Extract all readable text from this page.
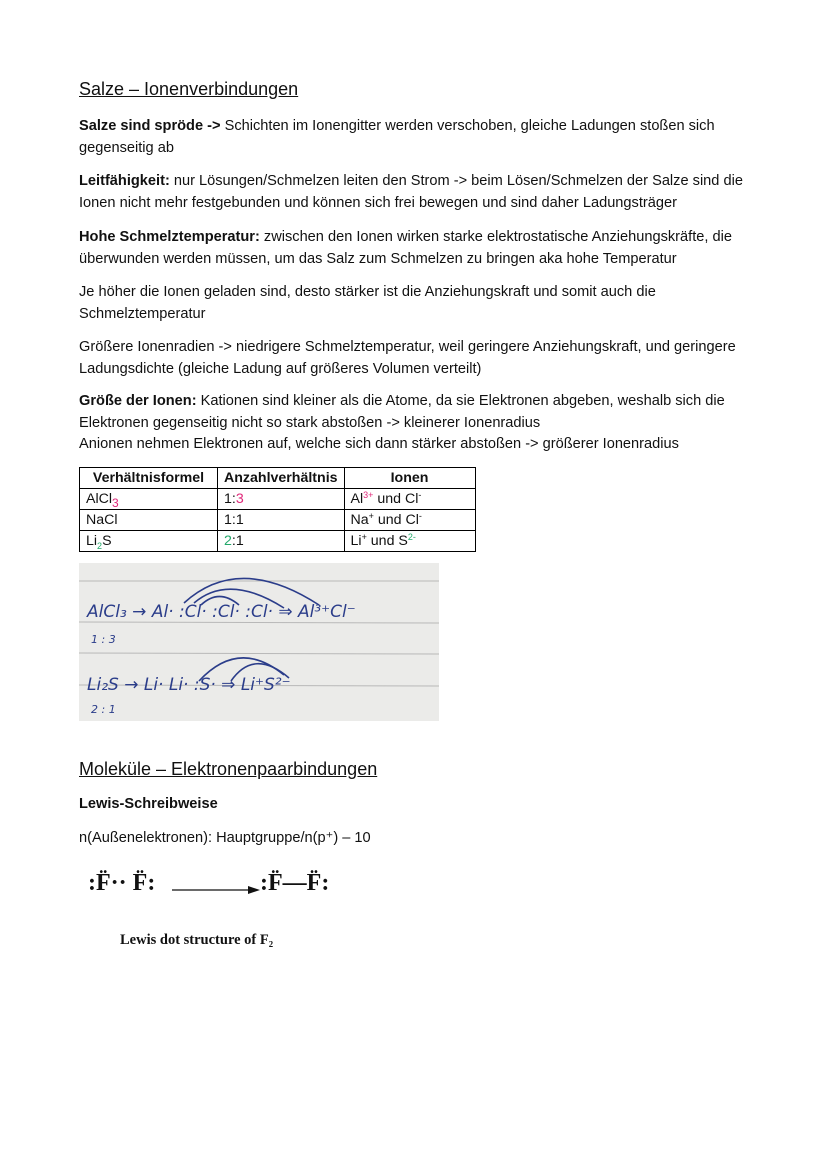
Salze – Ionenverbindungen
Salze sind spröde -> Schichten im Ionengitter werden verschoben, gleiche Ladungen stoßen sich gegenseitig ab
Leitfähigkeit: nur Lösungen/Schmelzen leiten den Strom -> beim Lösen/Schmelzen der Salze sind die Ionen nicht mehr festgebunden und können sich frei bewegen und sind daher Ladungsträger
Hohe Schmelztemperatur: zwischen den Ionen wirken starke elektrostatische Anziehungskräfte, die überwunden werden müssen, um das Salz zum Schmelzen zu bringen aka hohe Temperatur
Je höher die Ionen geladen sind, desto stärker ist die Anziehungskraft und somit auch die Schmelztemperatur
Größere Ionenradien -> niedrigere Schmelztemperatur, weil geringere Anziehungskraft, und geringere Ladungsdichte (gleiche Ladung auf größeres Volumen verteilt)
Größe der Ionen: Kationen sind kleiner als die Atome, da sie Elektronen abgeben, weshalb sich die Elektronen gegenseitig nicht so stark abstoßen -> kleinerer Ionenradius
Anionen nehmen Elektronen auf, welche sich dann stärker abstoßen -> größerer Ionenradius
Verhältnisformel	Anzahlverhältnis	Ionen
AlCl$_3$	1:3	$Al^{3+}$ und Cl-
NaCl	1:1	Na+ und Cl-
$Li_2S$	2:1	Li+ und $S^{2-}$
AlCl₃ → Al· :Cl· :Cl· :Cl· ⇒ Al³⁺Cl⁻
1 : 3
Li₂S → Li· Li· :S· ⇒ Li⁺S²⁻
2 : 1
Moleküle – Elektronenpaarbindungen
Lewis-Schreibweise
n(Außenelektronen): Hauptgruppe/n(p⁺) – 10
:F̈·· F̈:	:F̈—F̈:
Lewis dot structure of F₂
